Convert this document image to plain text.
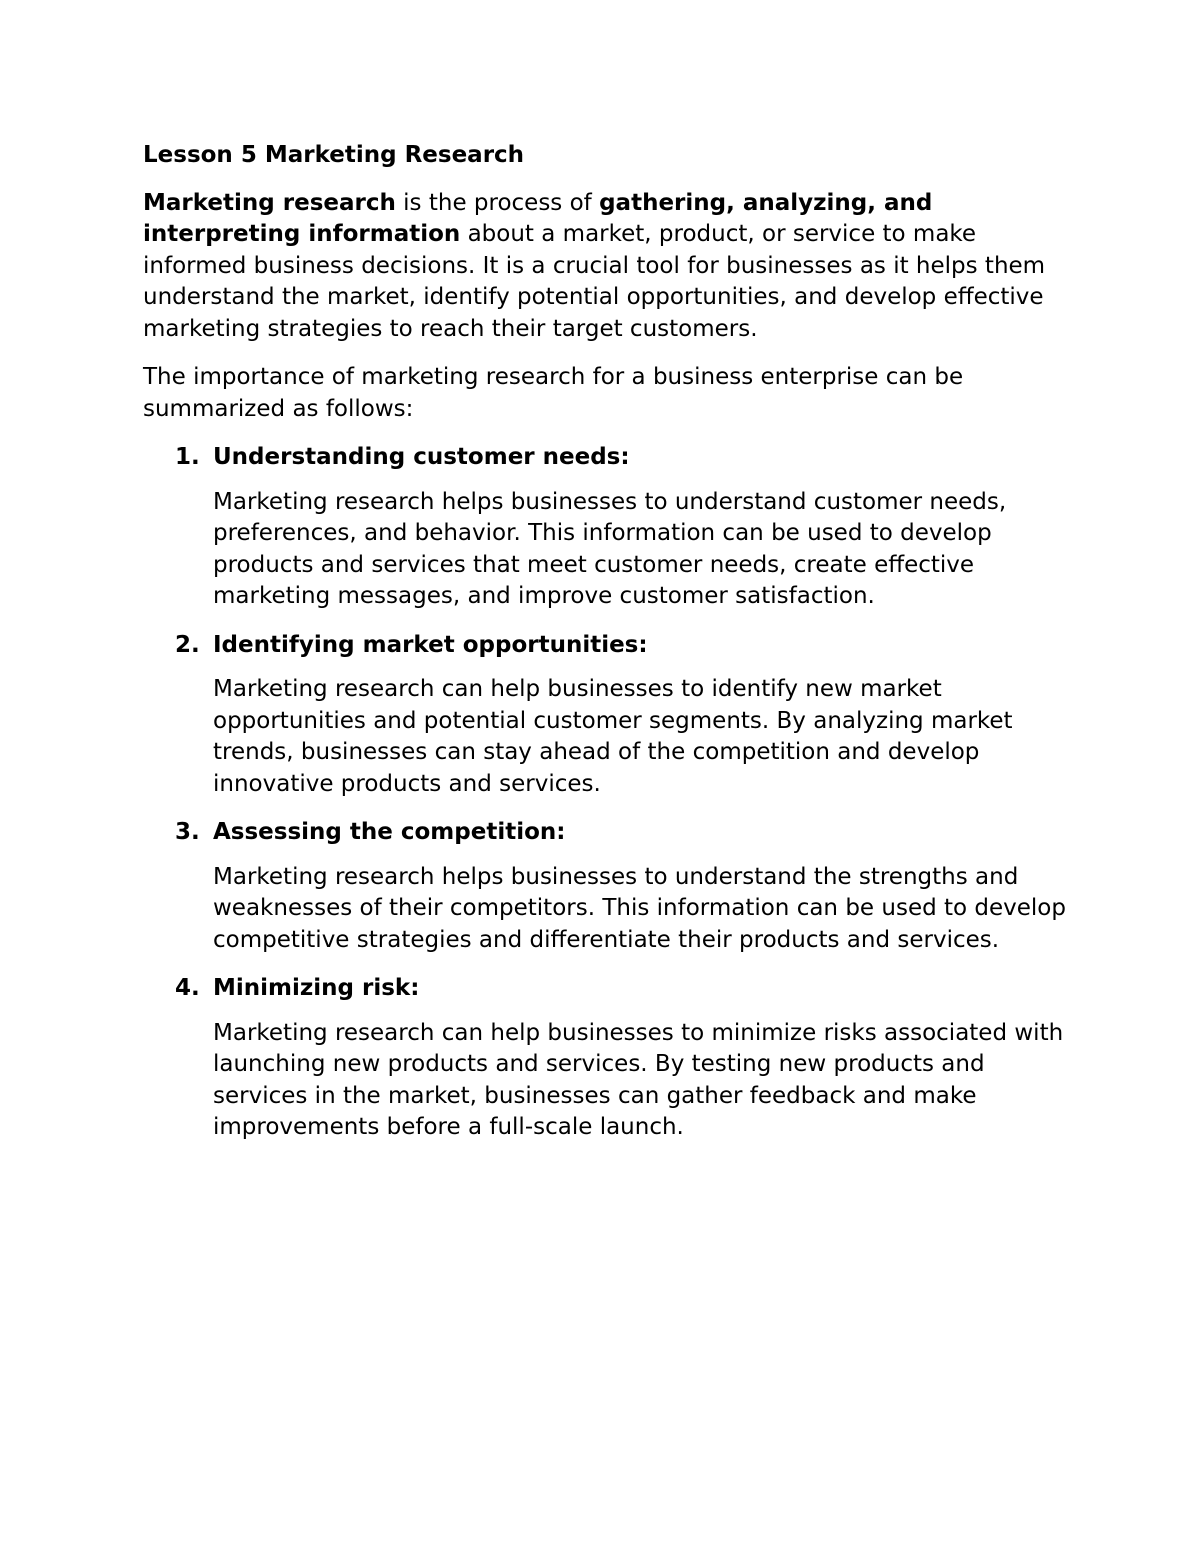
Lesson 5 Marketing Research

Marketing research is the process of gathering, analyzing, and interpreting information about a market, product, or service to make informed business decisions. It is a crucial tool for businesses as it helps them understand the market, identify potential opportunities, and develop effective marketing strategies to reach their target customers.

The importance of marketing research for a business enterprise can be summarized as follows:

1. Understanding customer needs:
Marketing research helps businesses to understand customer needs, preferences, and behavior. This information can be used to develop products and services that meet customer needs, create effective marketing messages, and improve customer satisfaction.
2. Identifying market opportunities:
Marketing research can help businesses to identify new market opportunities and potential customer segments. By analyzing market trends, businesses can stay ahead of the competition and develop innovative products and services.
3. Assessing the competition:
Marketing research helps businesses to understand the strengths and weaknesses of their competitors. This information can be used to develop competitive strategies and differentiate their products and services.
4. Minimizing risk:
Marketing research can help businesses to minimize risks associated with launching new products and services. By testing new products and services in the market, businesses can gather feedback and make improvements before a full-scale launch.
